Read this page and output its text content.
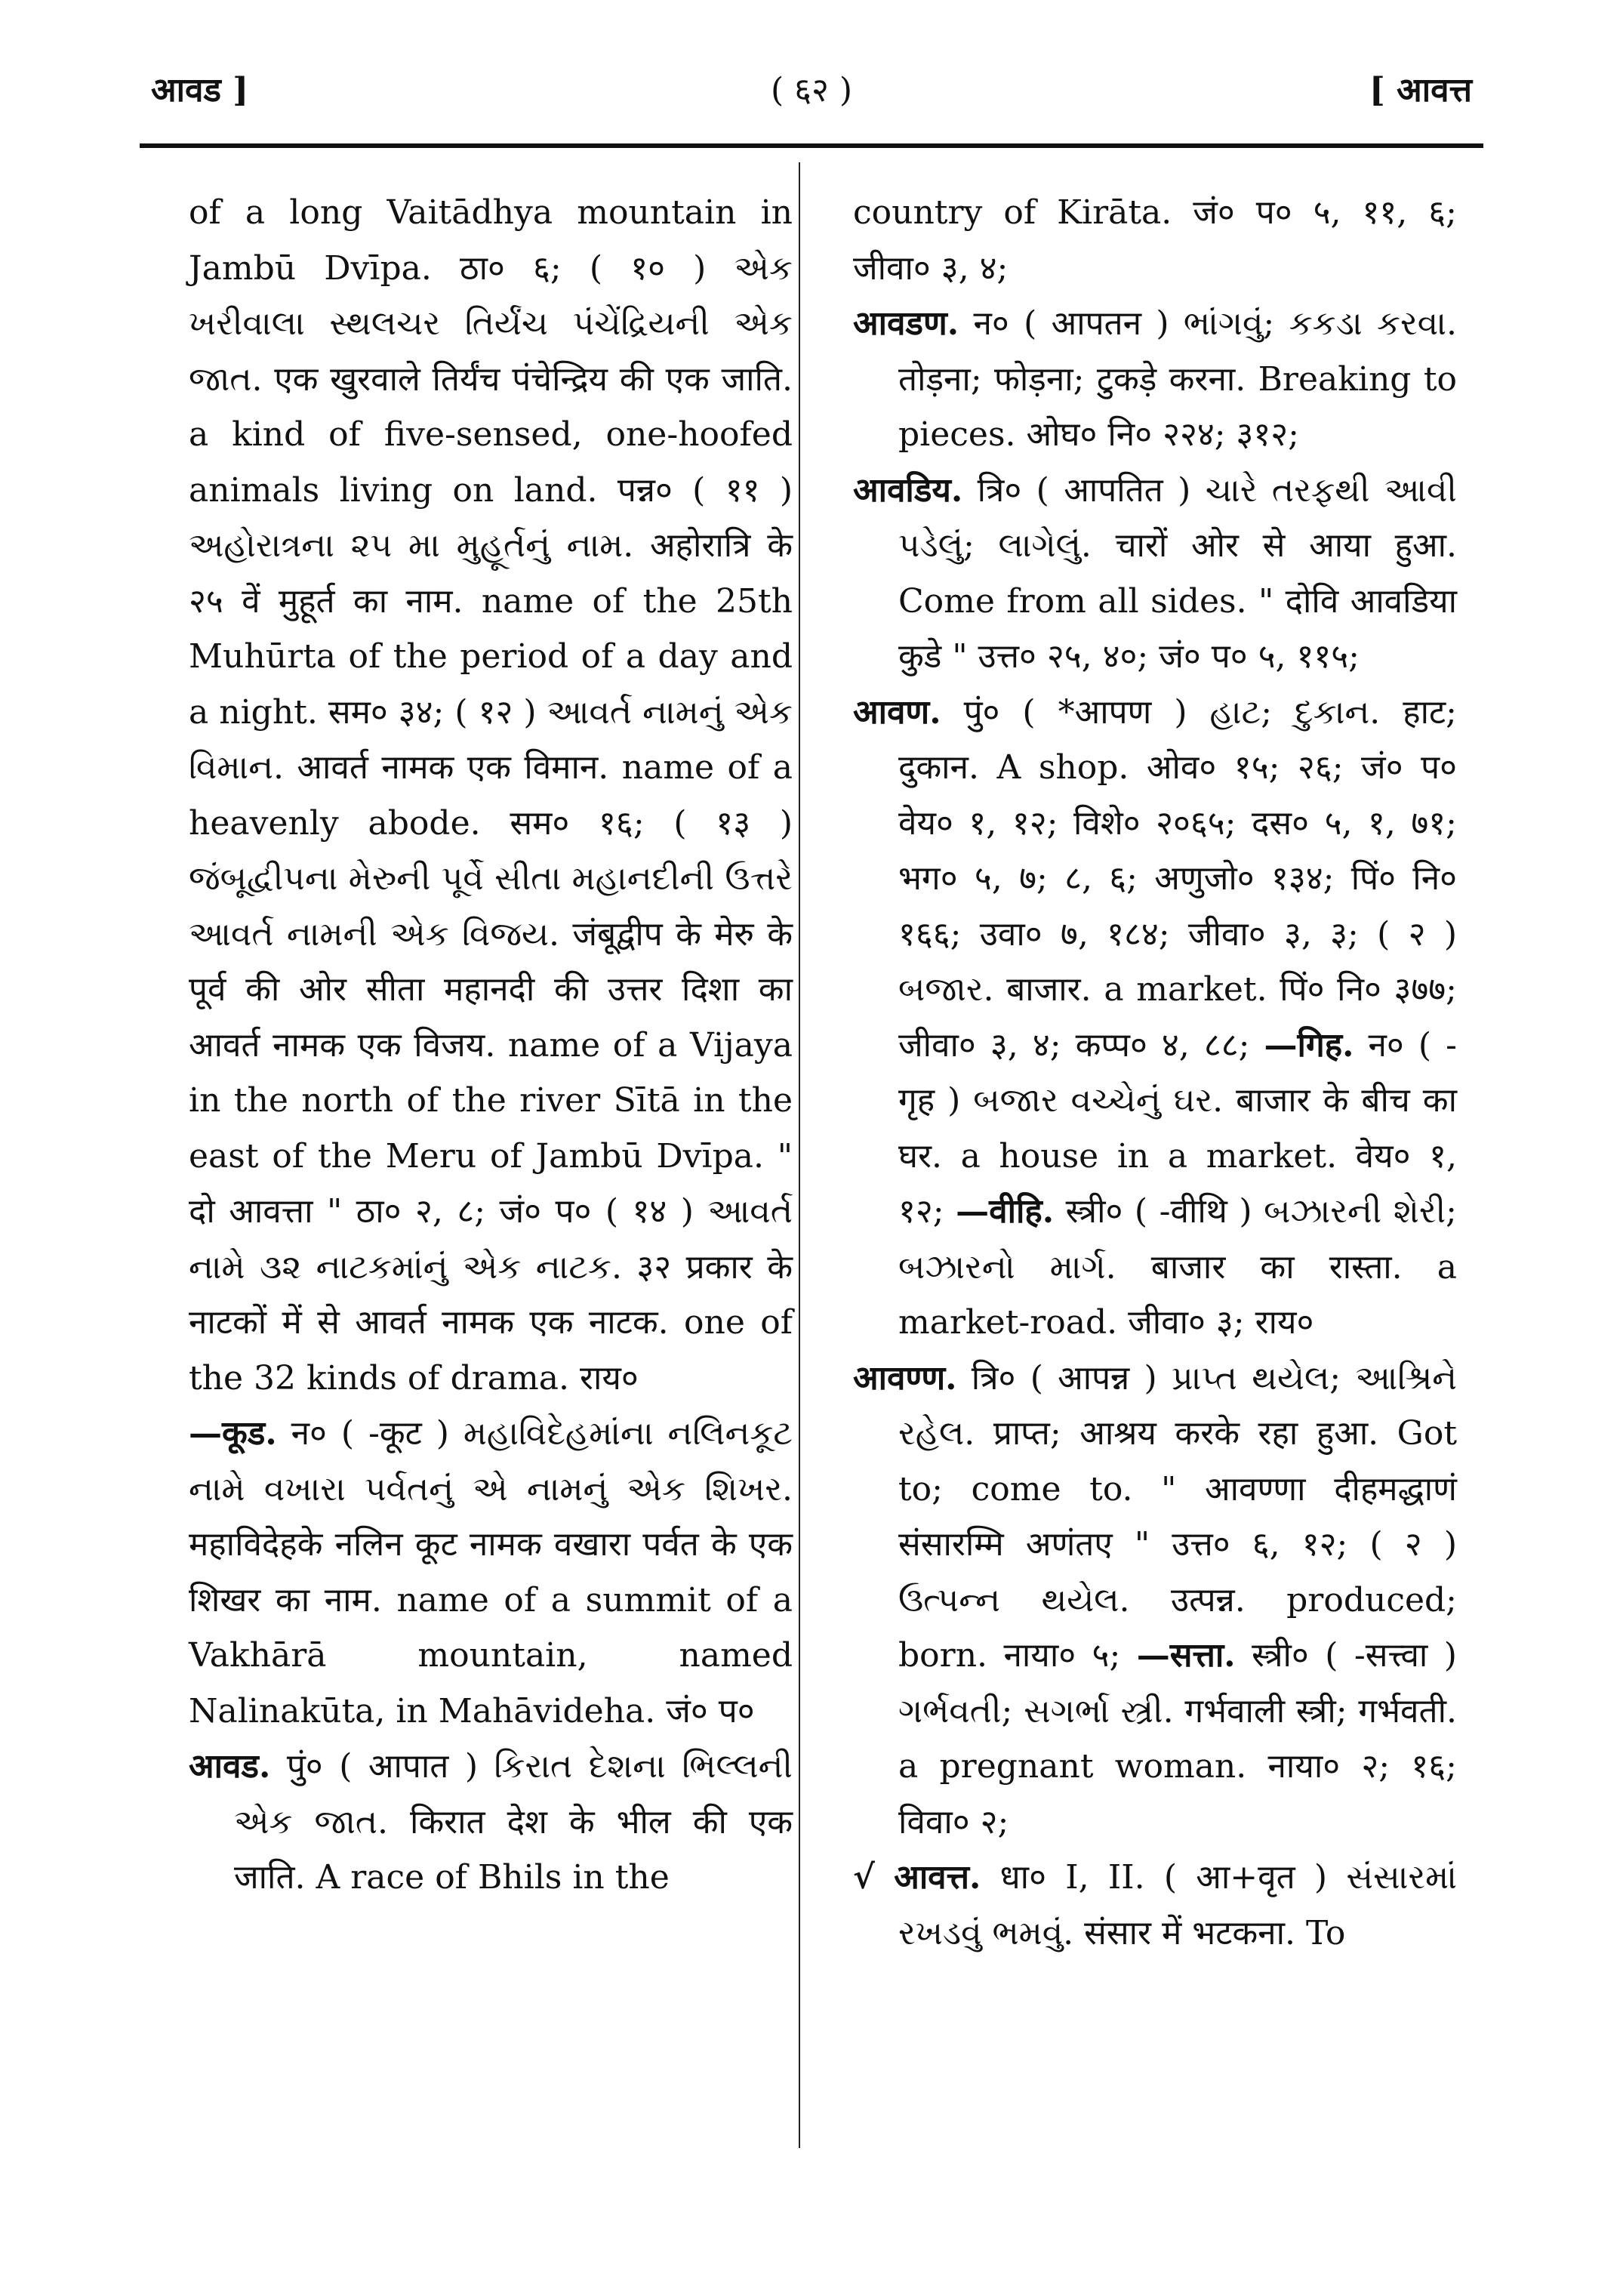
आवड ]	( ६२ )	[ आवत्त

of a long Vaitādhya mountain in Jambū Dvīpa. ठा० ६; ( १० ) એક ખરીવાલા સ્થલચર તિર્યંચ પંચેંદ્રિયની એક જાત. एक खुरवाले तिर्यंच पंचेन्द्रिय की एक जाति. a kind of five-sensed, one-hoofed animals living on land. पन्न० ( ११ ) અહોરાત્રના ૨૫ મા મુહૂર્તનું નામ. अहोरात्रि के २५ वें मुहूर्त का नाम. name of the 25th Muhūrta of the period of a day and a night. सम० ३४; ( १२ ) આવર્ત નામનું એક વિમાન. आवर्त नामक एक विमान. name of a heavenly abode. सम० १६; ( १३ ) જંબૂદ્વીપના મેરુની પૂર્વે સીતા મહાનદીની ઉત્તરે આવર્ત નામની એક વિજય. जंबूद्वीप के मेरु के पूर्व की ओर सीता महानदी की उत्तर दिशा का आवर्त नामक एक विजय. name of a Vijaya in the north of the river Sītā in the east of the Meru of Jambū Dvīpa. " दो आवत्ता " ठा० २, ८; जं० प० ( १४ ) આવર્ત નામે ૩૨ નાટકમાંનું એક નાટક. ३२ प्रकार के नाटकों में से आवर्त नामक एक नाटक. one of the 32 kinds of drama. राय०

—कूड. न० ( -कूट ) મહાવિદેહમાંના નલિનકૂટ નામે વખારા પર્વતનું એ નામનું એક શિખર. महाविदेहके नलिन कूट नामक वखारा पर्वत के एक शिखर का नाम. name of a summit of a Vakhārā mountain, named Nalinakūta, in Mahāvideha. जं० प०

आवड. पुं० ( आपात ) કિરાત દેશના ભિલ્લની એક જાત. किरात देश के भील की एक जाति. A race of Bhils in the

country of Kirāta. जं० प० ५, ११, ६; जीवा० ३, ४;

आवडण. न० ( आपतन ) ભાંગવું; કકડા કરવા. तोड़ना; फोड़ना; टुकड़े करना. Breaking to pieces. ओघ० नि० २२४; ३१२;

आवडिय. त्रि० ( आपतित ) ચારે તરફથી આવી પડેલું; લાગેલું. चारों ओर से आया हुआ. Come from all sides. " दोवि आवडिया कुडे " उत्त० २५, ४०; जं० प० ५, ११५;

आवण. पुं० ( *आपण ) હાટ; દુકાન. हाट; दुकान. A shop. ओव० १५; २६; जं० प० वेय० १, १२; विशे० २०६५; दस० ५, १, ७१; भग० ५, ७; ८, ६; अणुजो० १३४; पिं० नि० १६६; उवा० ७, १८४; जीवा० ३, ३; ( २ ) બજાર. बाजार. a market. पिं० नि० ३७७; जीवा० ३, ४; कप्प० ४, ८८; —गिह. न० ( -गृह ) બજાર વચ્ચેનું ઘર. बाजार के बीच का घर. a house in a market. वेय० १, १२; —वीहि. स्त्री० ( -वीथि ) બઝારની શેરી; બઝારનો માર્ગ. बाजार का रास्ता. a market-road. जीवा० ३; राय०

आवण्ण. त्रि० ( आपन्न ) પ્રાપ્ત થયેલ; આશ્રિને રહેલ. प्राप्त; आश्रय करके रहा हुआ. Got to; come to. " आवण्णा दीहमद्धाणं संसारम्मि अणंतए " उत्त० ६, १२; ( २ ) ઉત્પન્ન થયેલ. उत्पन्न. produced; born. नाया० ५; —सत्ता. स्त्री० ( -सत्त्वा ) ગર્ભવતી; સગર્ભા સ્ત્રી. गर्भवाली स्त्री; गर्भवती. a pregnant woman. नाया० २; १६; विवा० २;

√ आवत्त. धा० I, II. ( आ+वृत ) સંસારમાં રખડવું ભમવું. संसार में भटकना. To
